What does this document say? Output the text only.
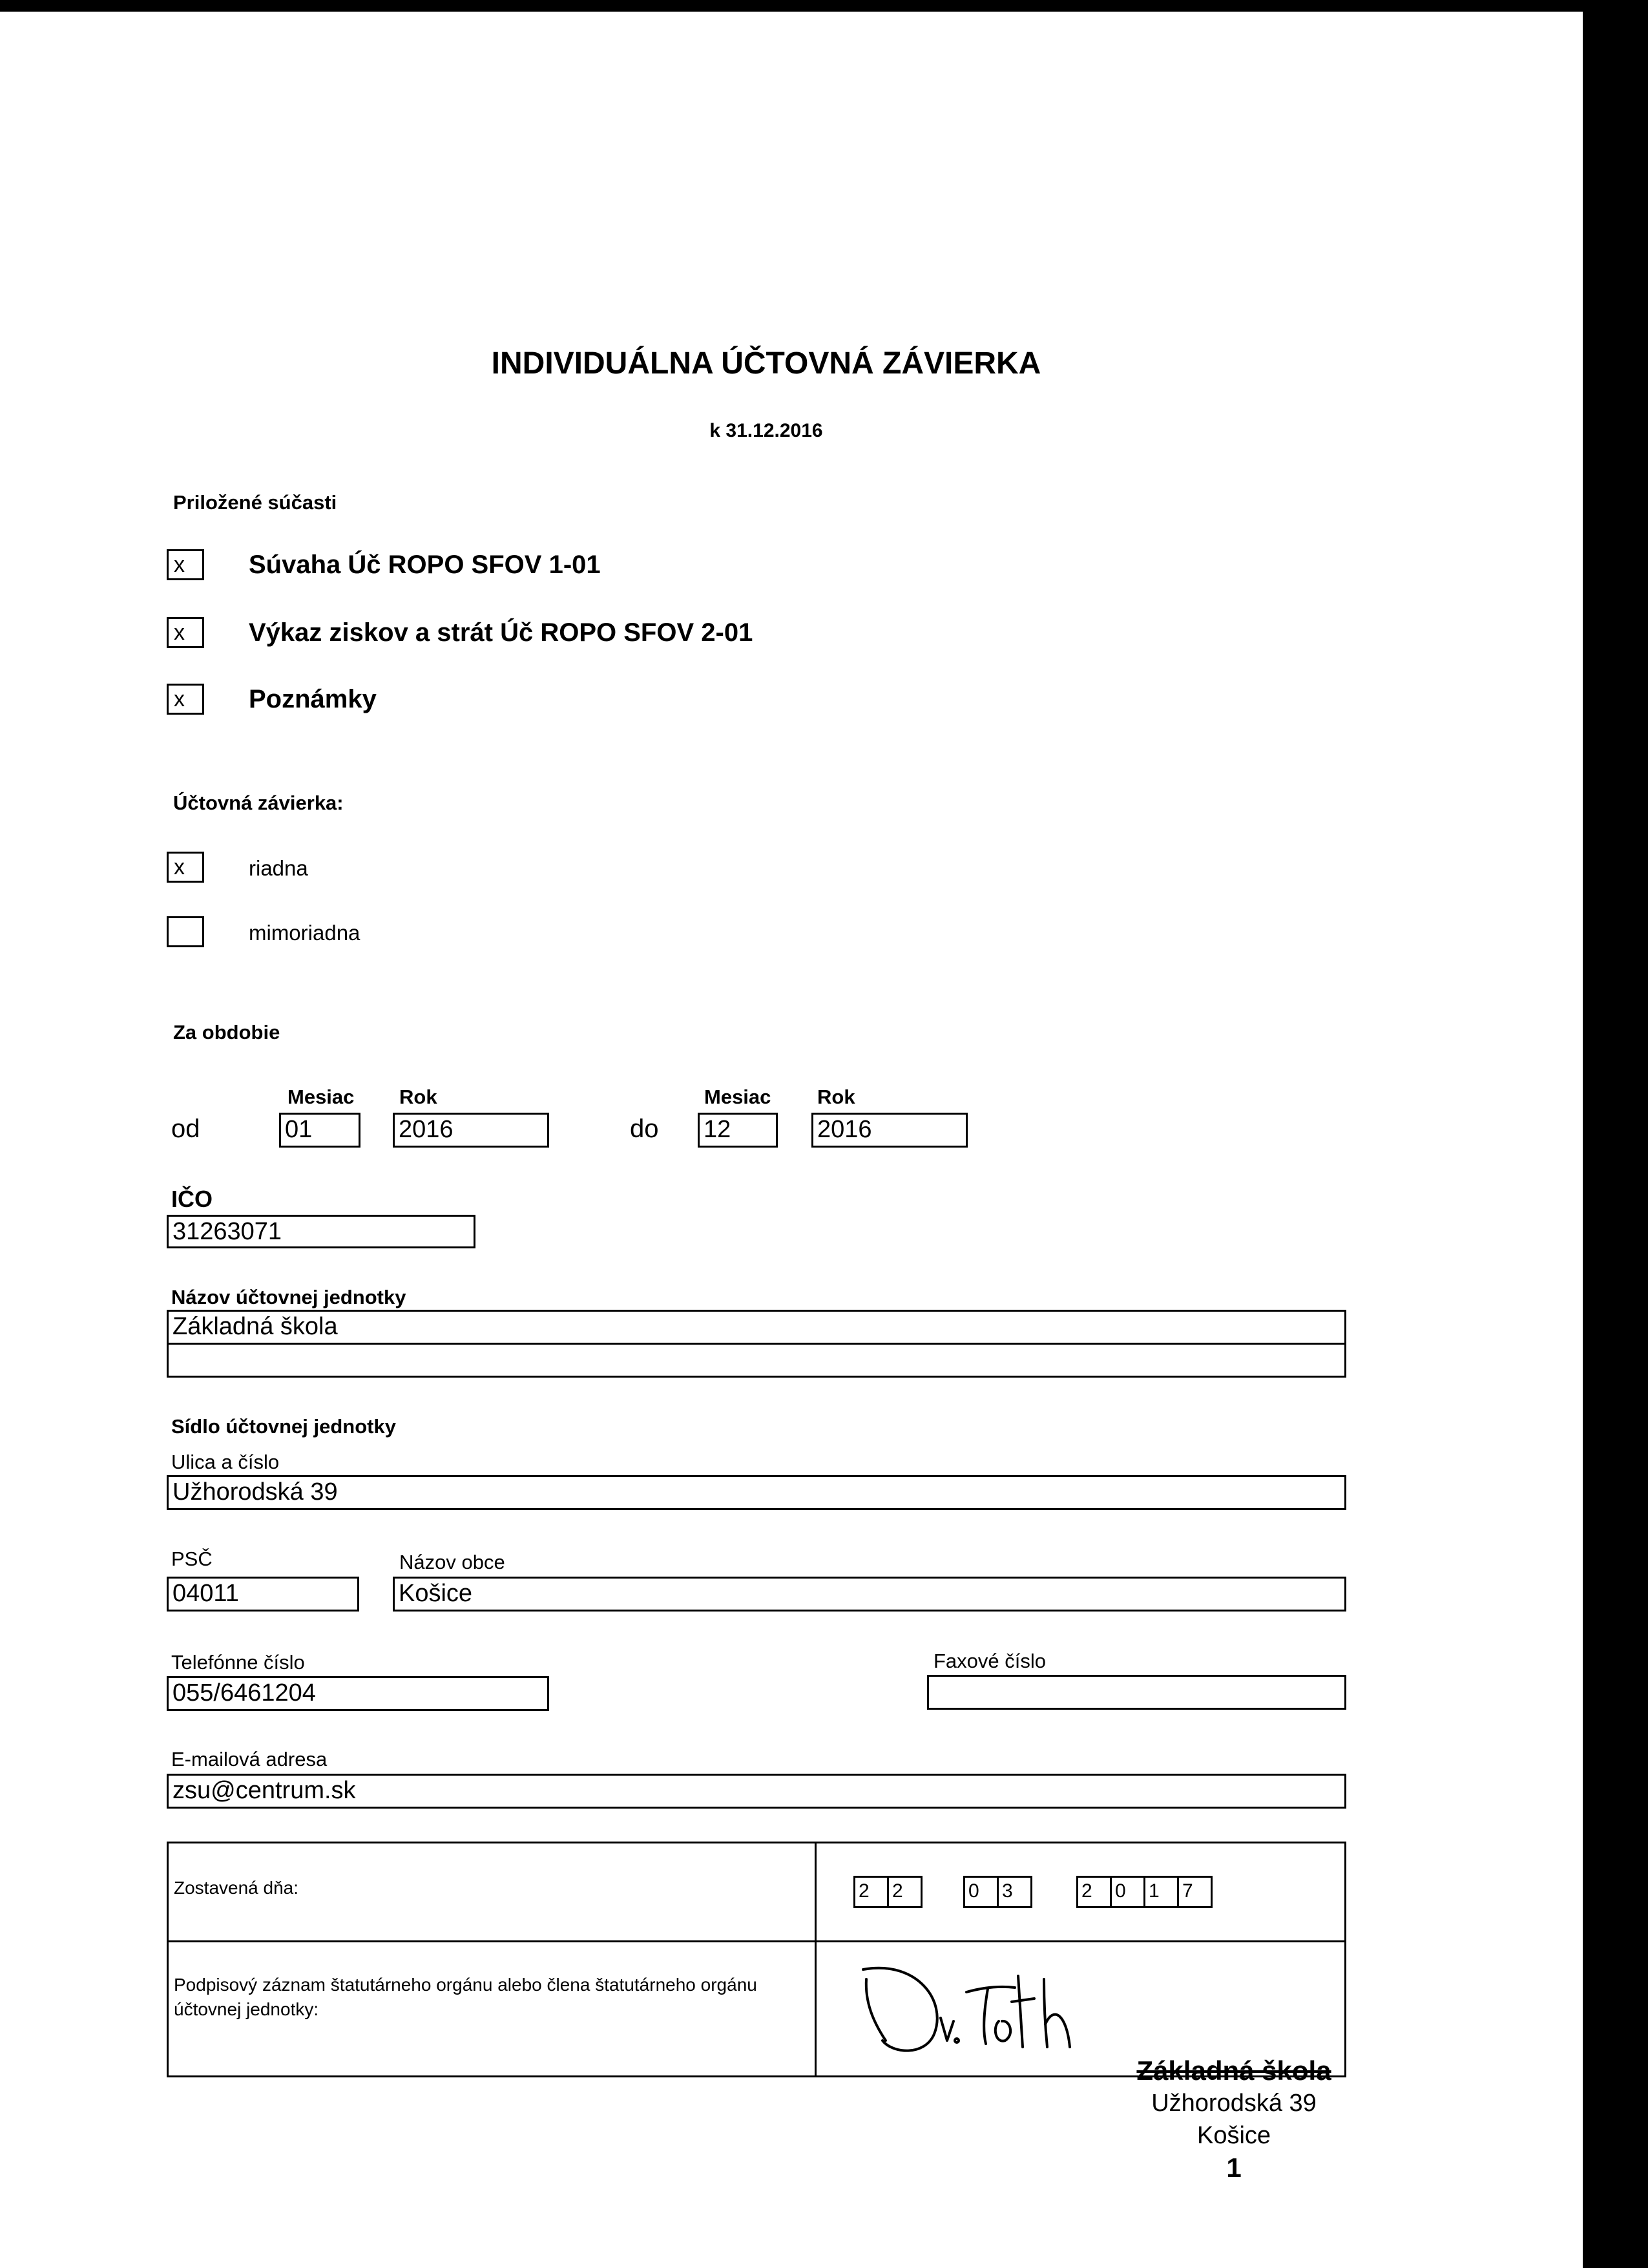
INDIVIDUÁLNA ÚČTOVNÁ ZÁVIERKA
k 31.12.2016
Priložené súčasti
x	Súvaha Úč ROPO SFOV 1-01
x	Výkaz ziskov a strát Úč ROPO SFOV 2-01
x	Poznámky
Účtovná závierka:
x	riadna
mimoriadna
Za obdobie
Mesiac Rok	Mesiac Rok
od	01	2016	do 12	2016
IČO
31263071
Názov účtovnej jednotky
Základná škola
Sídlo účtovnej jednotky
Ulica a číslo
Užhorodská 39
PSČ
04011
Názov obce
Košice
Telefónne číslo
055/6461204
Faxové číslo
E-mailová adresa
zsu@centrum.sk
Zostavená dňa:	2	2	0	3	2	0	1	7
Podpisový záznam štatutárneho orgánu alebo člena štatutárneho orgánu účtovnej jednotky:
Základná škola
Užhorodská 39
Košice
1
